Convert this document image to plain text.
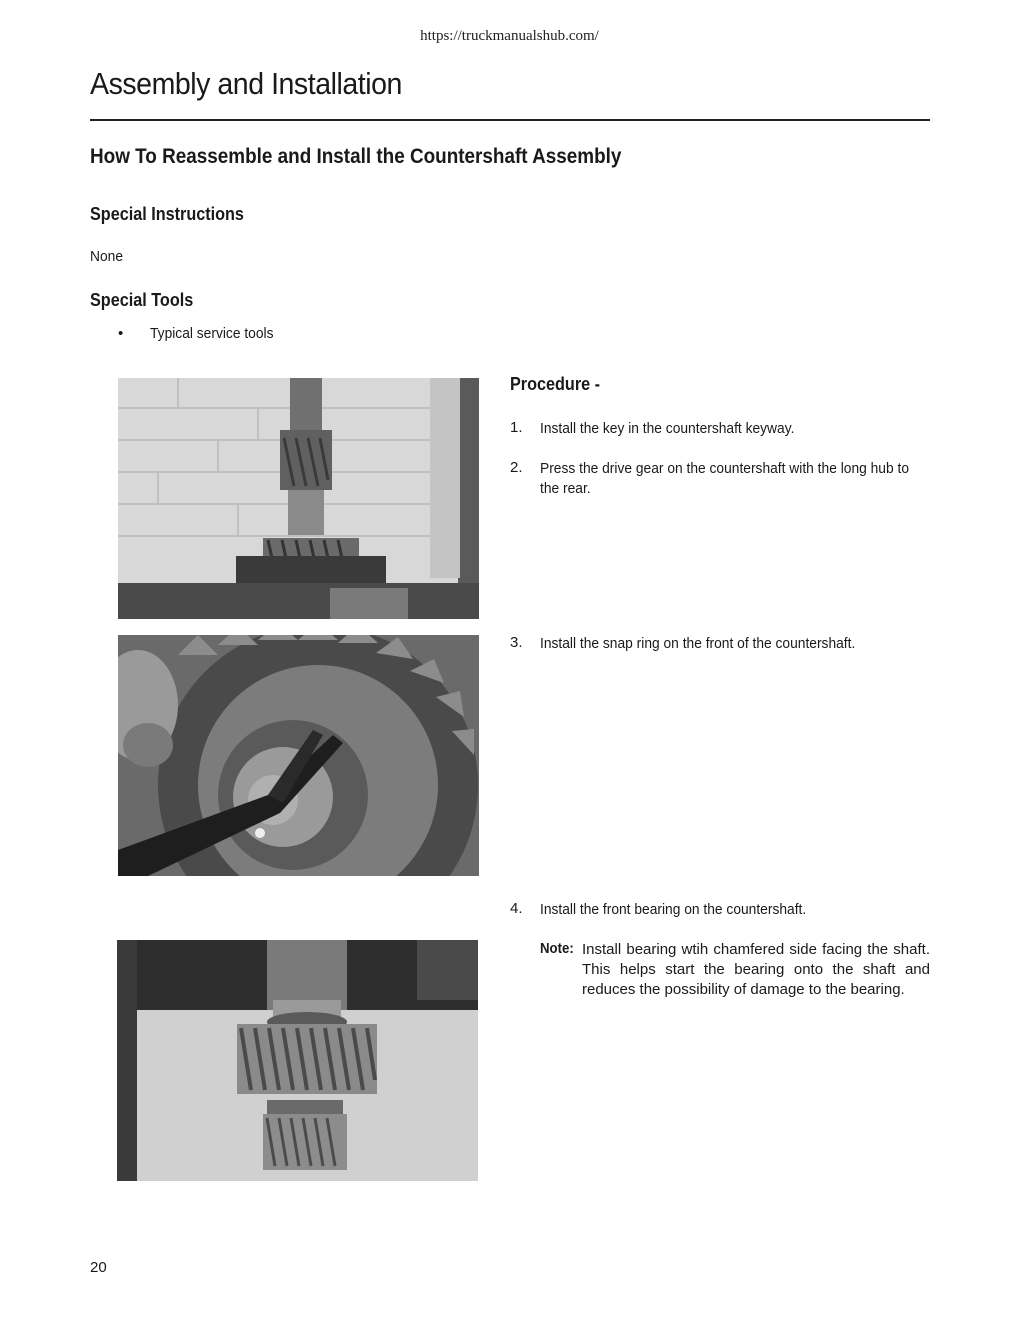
https://truckmanualshub.com/
Assembly and Installation
How To Reassemble and Install the Countershaft Assembly
Special Instructions
None
Special Tools
• Typical service tools
Procedure -
1. Install the key in the countershaft keyway.
2. Press the drive gear on the countershaft with the long hub to the rear.
3. Install the snap ring on the front of the countershaft.
4. Install the front bearing on the countershaft.
Note: Install bearing wtih chamfered side facing the shaft. This helps start the bearing onto the shaft and reduces the possibility of damage to the bearing.
20
